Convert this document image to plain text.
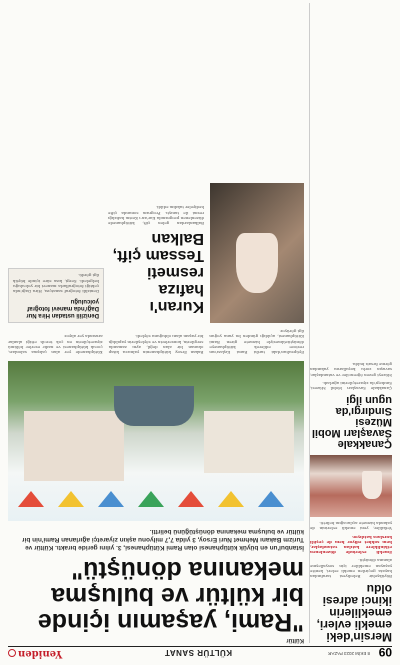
09
8 EKİM 2023 PAZAR
KÜLTÜR SANAT
Yeniden
Mersin'deki emekli evleri, emeklilerin ikinci adresi oldu

Büyükşehir Belediyesi tarafından hayata geçirilen emekli evleri, kentte yaşayan emekliler için sosyalleşme alanına dönüştü.

Emekli evlerinde düzenlenen etkinliklere katılan vatandaşlar, hem sohbet ediyor hem de çeşitli kurslara katılıyor.

Yetkililer, yeni emekli evlerinin de yakında hizmete açılacağını belirtti.

Çanakkale Savaşları Mobil Müzesi Sındırgı'da ugun ilgi

Çanakkale Savaşları Mobil Müzesi, Sındırgı'da ziyaretçilerini ağırladı.

Müzeyi gezen öğrenciler ve vatandaşlar, savaşın zorlu koşullarını yakından görme fırsatı buldu.

Kültür
"Rami, yaşamın içinde bir kültür ve buluşma mekanına dönüştü"
İstanbul'un en büyük kütüphanesi olan Rami Kütüphanesi, 3. yılını geride bıraktı. Kültür ve Turizm Bakanı Mehmet Nuri Ersoy, 3 yılda 7,7 milyonu aşkın ziyaretçi ağırlanan Rami'nin bir kültür ve buluşma mekanına dönüştüğünü belirtti.
Eyüpsultan'daki tarihi Rami Kışlası'nın restore edilerek kütüphaneye dönüştürülmesiyle hizmete giren Rami Kütüphanesi, açıldığı günden bu yana yoğun ilgi görüyor.
Bakan Ersoy, kütüphanenin yalnızca kitap okunan bir alan değil, aynı zamanda sergilerin, konserlerin ve söyleşilerin yapıldığı bir yaşam alanı olduğunu söyledi.
Kütüphanede yer alan çalışma salonları, çocuk kütüphanesi ve nadir eserler bölümü ziyaretçilerin en çok tercih ettiği alanlar arasında yer alıyor.
Kuran'ı hafıza resmeti Tessam çift, Balkan
Balkanlardan gelen çift, kütüphanede düzenlenen programda Kur'an-ı Kerim hafızlığı resmi ile tanıştı. Program sonunda çifte hediyeler takdim edildi.
Denizlili ustadan Hira Nur Dağı'nda manevi fotoğraf yolculuğu
Denizlili fotoğraf sanatçısı, Hira Dağı'nda çektiği fotoğraflarla manevi bir yolculuğu belgeledi. Sergi, kısa süre içinde büyük ilgi gördü.
